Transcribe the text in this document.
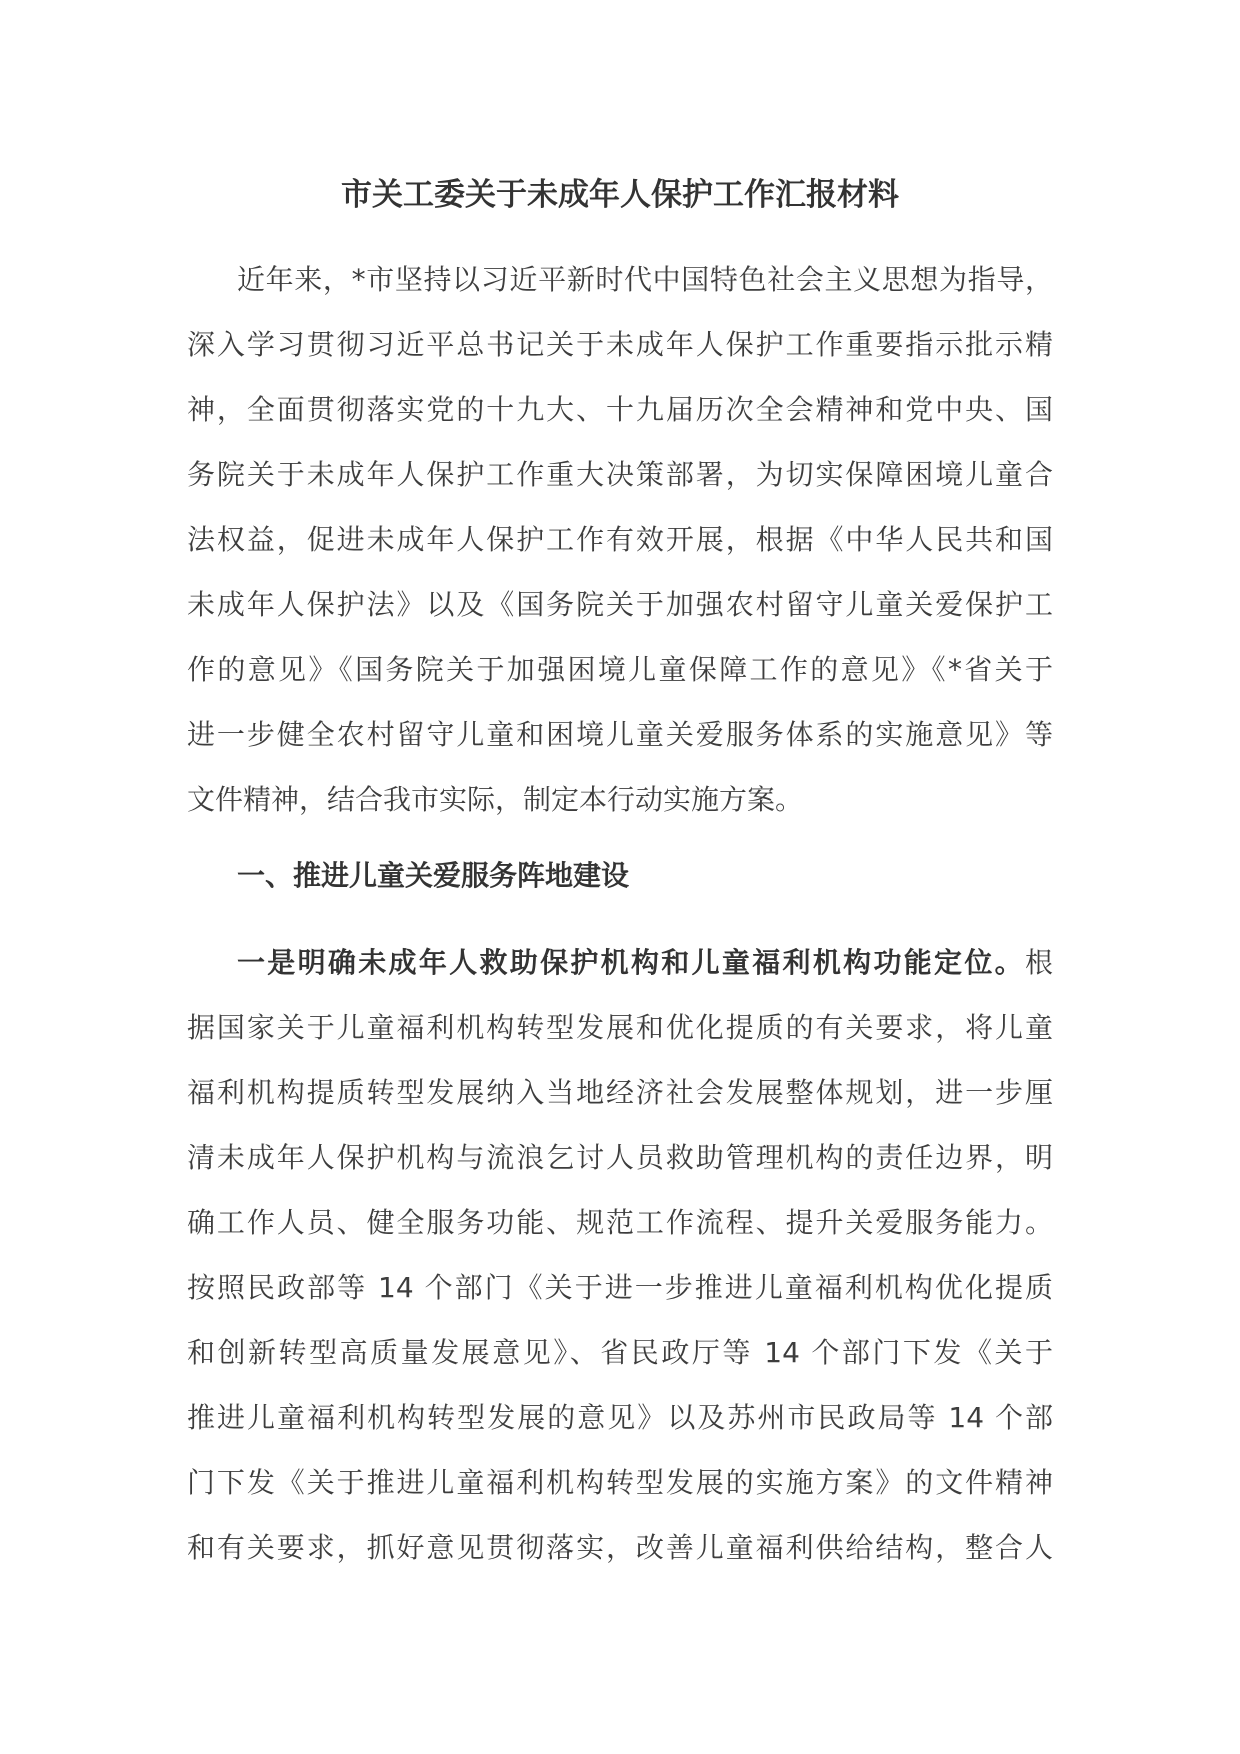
市关工委关于未成年人保护工作汇报材料
近年来，*市坚持以习近平新时代中国特色社会主义思想为指导，
深入学习贯彻习近平总书记关于未成年人保护工作重要指示批示精
神，全面贯彻落实党的十九大、十九届历次全会精神和党中央、国
务院关于未成年人保护工作重大决策部署，为切实保障困境儿童合
法权益，促进未成年人保护工作有效开展，根据《中华人民共和国
未成年人保护法》以及《国务院关于加强农村留守儿童关爱保护工
作的意见》《国务院关于加强困境儿童保障工作的意见》《*省关于
进一步健全农村留守儿童和困境儿童关爱服务体系的实施意见》等
文件精神，结合我市实际，制定本行动实施方案。
一、推进儿童关爱服务阵地建设
一是明确未成年人救助保护机构和儿童福利机构功能定位。根
据国家关于儿童福利机构转型发展和优化提质的有关要求，将儿童
福利机构提质转型发展纳入当地经济社会发展整体规划，进一步厘
清未成年人保护机构与流浪乞讨人员救助管理机构的责任边界，明
确工作人员、健全服务功能、规范工作流程、提升关爱服务能力。
按照民政部等 14 个部门《关于进一步推进儿童福利机构优化提质
和创新转型高质量发展意见》、省民政厅等 14 个部门下发《关于
推进儿童福利机构转型发展的意见》以及苏州市民政局等 14 个部
门下发《关于推进儿童福利机构转型发展的实施方案》的文件精神
和有关要求，抓好意见贯彻落实，改善儿童福利供给结构，整合人
